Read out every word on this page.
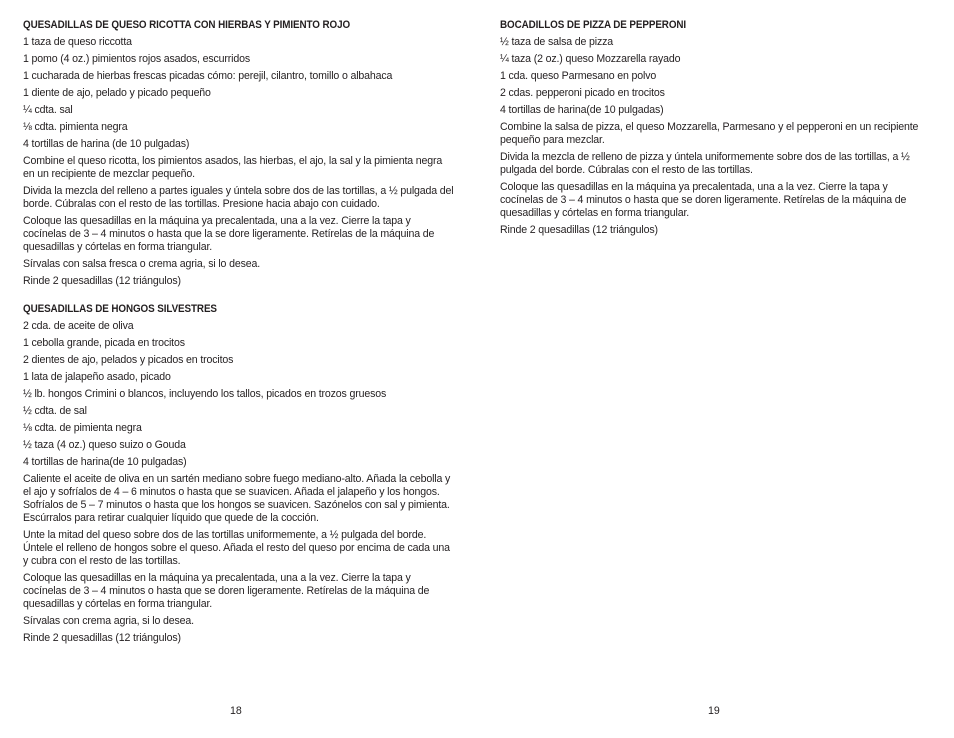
QUESADILLAS DE QUESO RICOTTA CON HIERBAS Y PIMIENTO ROJO
1 taza de queso riccotta
1 pomo (4 oz.) pimientos rojos asados, escurridos
1 cucharada de hierbas frescas picadas cómo: perejil, cilantro, tomillo o albahaca
1 diente de ajo, pelado y picado pequeño
¼ cdta. sal
⅛ cdta. pimienta negra
4 tortillas de harina (de 10 pulgadas)
Combine el queso ricotta, los pimientos asados, las hierbas, el ajo, la sal y la pimienta negra en un recipiente de mezclar pequeño.
Divida la mezcla del relleno a partes iguales y úntela sobre dos de las tortillas, a ½ pulgada del borde. Cúbralas con el resto de las tortillas. Presione hacia abajo con cuidado.
Coloque las quesadillas en la máquina ya precalentada, una a la vez. Cierre la tapa y cocínelas de 3 – 4 minutos o hasta que la se dore ligeramente. Retírelas de la máquina de quesadillas y córtelas en forma triangular.
Sírvalas con salsa fresca o crema agria, si lo desea.
Rinde 2 quesadillas (12 triángulos)
QUESADILLAS DE HONGOS SILVESTRES
2 cda. de aceite de oliva
1 cebolla grande, picada en trocitos
2 dientes de ajo, pelados y picados en trocitos
1 lata de jalapeño asado, picado
½ lb. hongos Crimini o blancos, incluyendo los tallos, picados en trozos gruesos
½ cdta. de sal
⅛ cdta. de pimienta negra
½ taza (4 oz.) queso suizo o Gouda
4 tortillas de harina(de 10 pulgadas)
Caliente el aceite de oliva en un sartén mediano sobre fuego mediano-alto. Añada la cebolla y el ajo y sofríalos de 4 – 6 minutos o hasta que se suavicen. Añada el jalapeño y los hongos. Sofríalos de 5 – 7 minutos o hasta que los hongos se suavicen. Sazónelos con sal y pimienta. Escúrralos para retirar cualquier líquido que quede de la cocción.
Unte la mitad del queso sobre dos de las tortillas uniformemente, a ½ pulgada del borde. Úntele el relleno de hongos sobre el queso. Añada el resto del queso por encima de cada una y cubra con el resto de las tortillas.
Coloque las quesadillas en la máquina ya precalentada, una a la vez. Cierre la tapa y cocínelas de 3 – 4 minutos o hasta que se doren ligeramente. Retírelas de la máquina de quesadillas y córtelas en forma triangular.
Sírvalas con crema agria, si lo desea.
Rinde 2 quesadillas (12 triángulos)
BOCADILLOS DE PIZZA DE PEPPERONI
½ taza de salsa de pizza
¼ taza (2 oz.) queso Mozzarella rayado
1 cda. queso Parmesano en polvo
2 cdas. pepperoni picado en trocitos
4 tortillas de harina(de 10 pulgadas)
Combine la salsa de pizza, el queso Mozzarella, Parmesano y el pepperoni en un recipiente pequeño para mezclar.
Divida la mezcla de relleno de pizza y úntela uniformemente sobre dos de las tortillas, a ½ pulgada del borde. Cúbralas con el resto de las tortillas.
Coloque las quesadillas en la máquina ya precalentada, una a la vez. Cierre la tapa y cocínelas de 3 – 4 minutos o hasta que se doren ligeramente. Retírelas de la máquina de quesadillas y córtelas en forma triangular.
Rinde 2 quesadillas (12 triángulos)
18	19
